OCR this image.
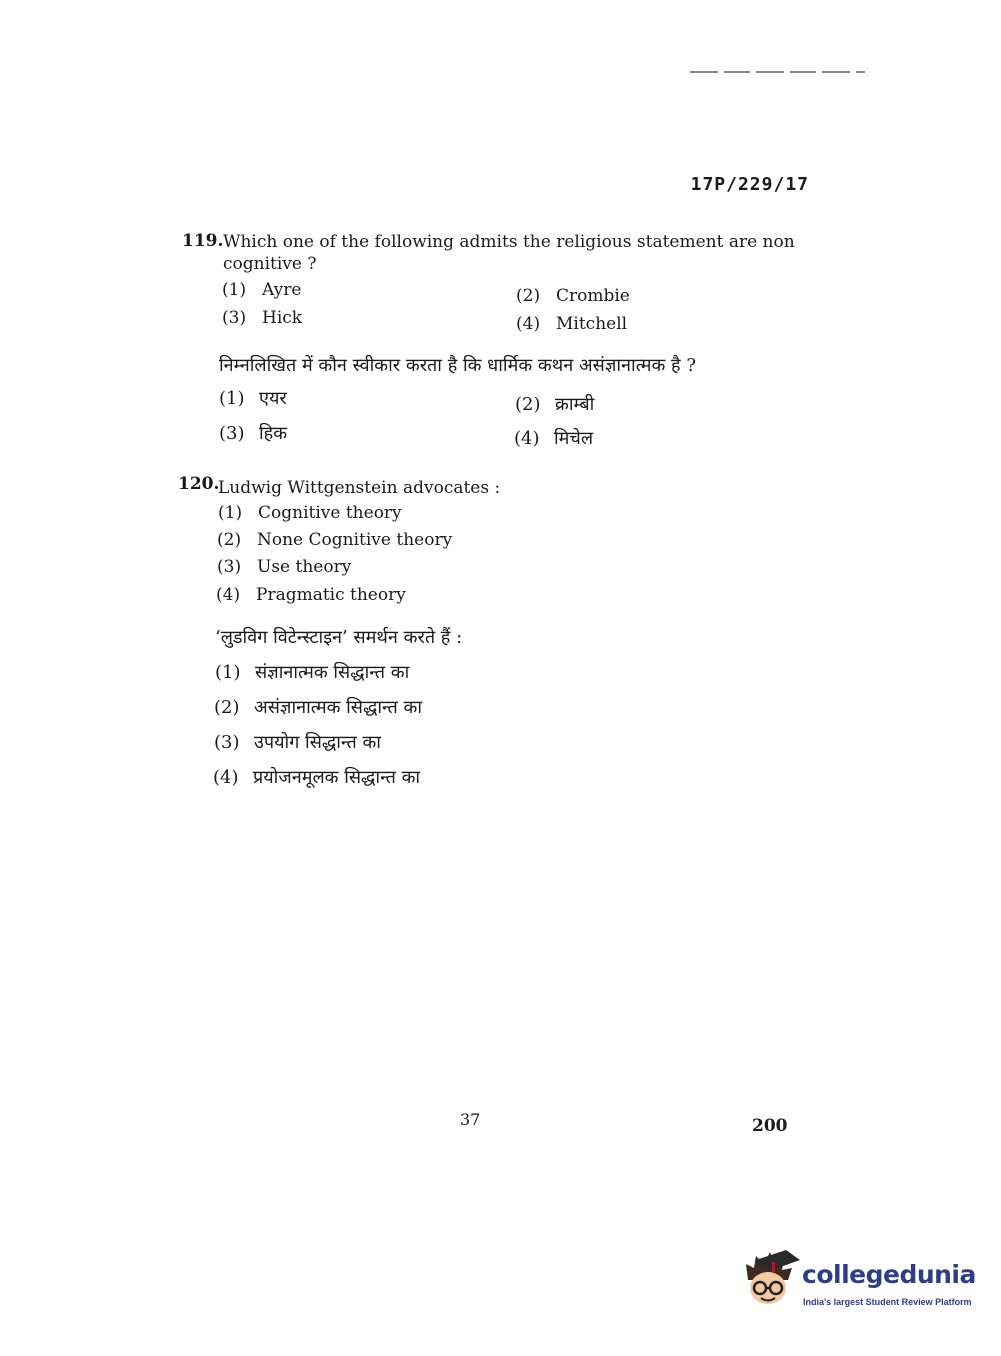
17P/229/17
119. Which one of the following admits the religious statement are non cognitive ?
(1) Ayre	(2) Crombie
(3) Hick	(4) Mitchell
निम्नलिखित में कौन स्वीकार करता है कि धार्मिक कथन असंज्ञानात्मक है ?
(1) एयर	(2) क्राम्बी
(3) हिक	(4) मिचेल
120.
Ludwig Wittgenstein advocates :
(1) Cognitive theory
(2) None Cognitive theory
(3) Use theory
(4) Pragmatic theory
‘लुडविग विटेन्स्टाइन’ समर्थन करते हैं :
(1) संज्ञानात्मक सिद्धान्त का
(2) असंज्ञानात्मक सिद्धान्त का
(3) उपयोग सिद्धान्त का
(4) प्रयोजनमूलक सिद्धान्त का
37	200
collegedunia
India's largest Student Review Platform
